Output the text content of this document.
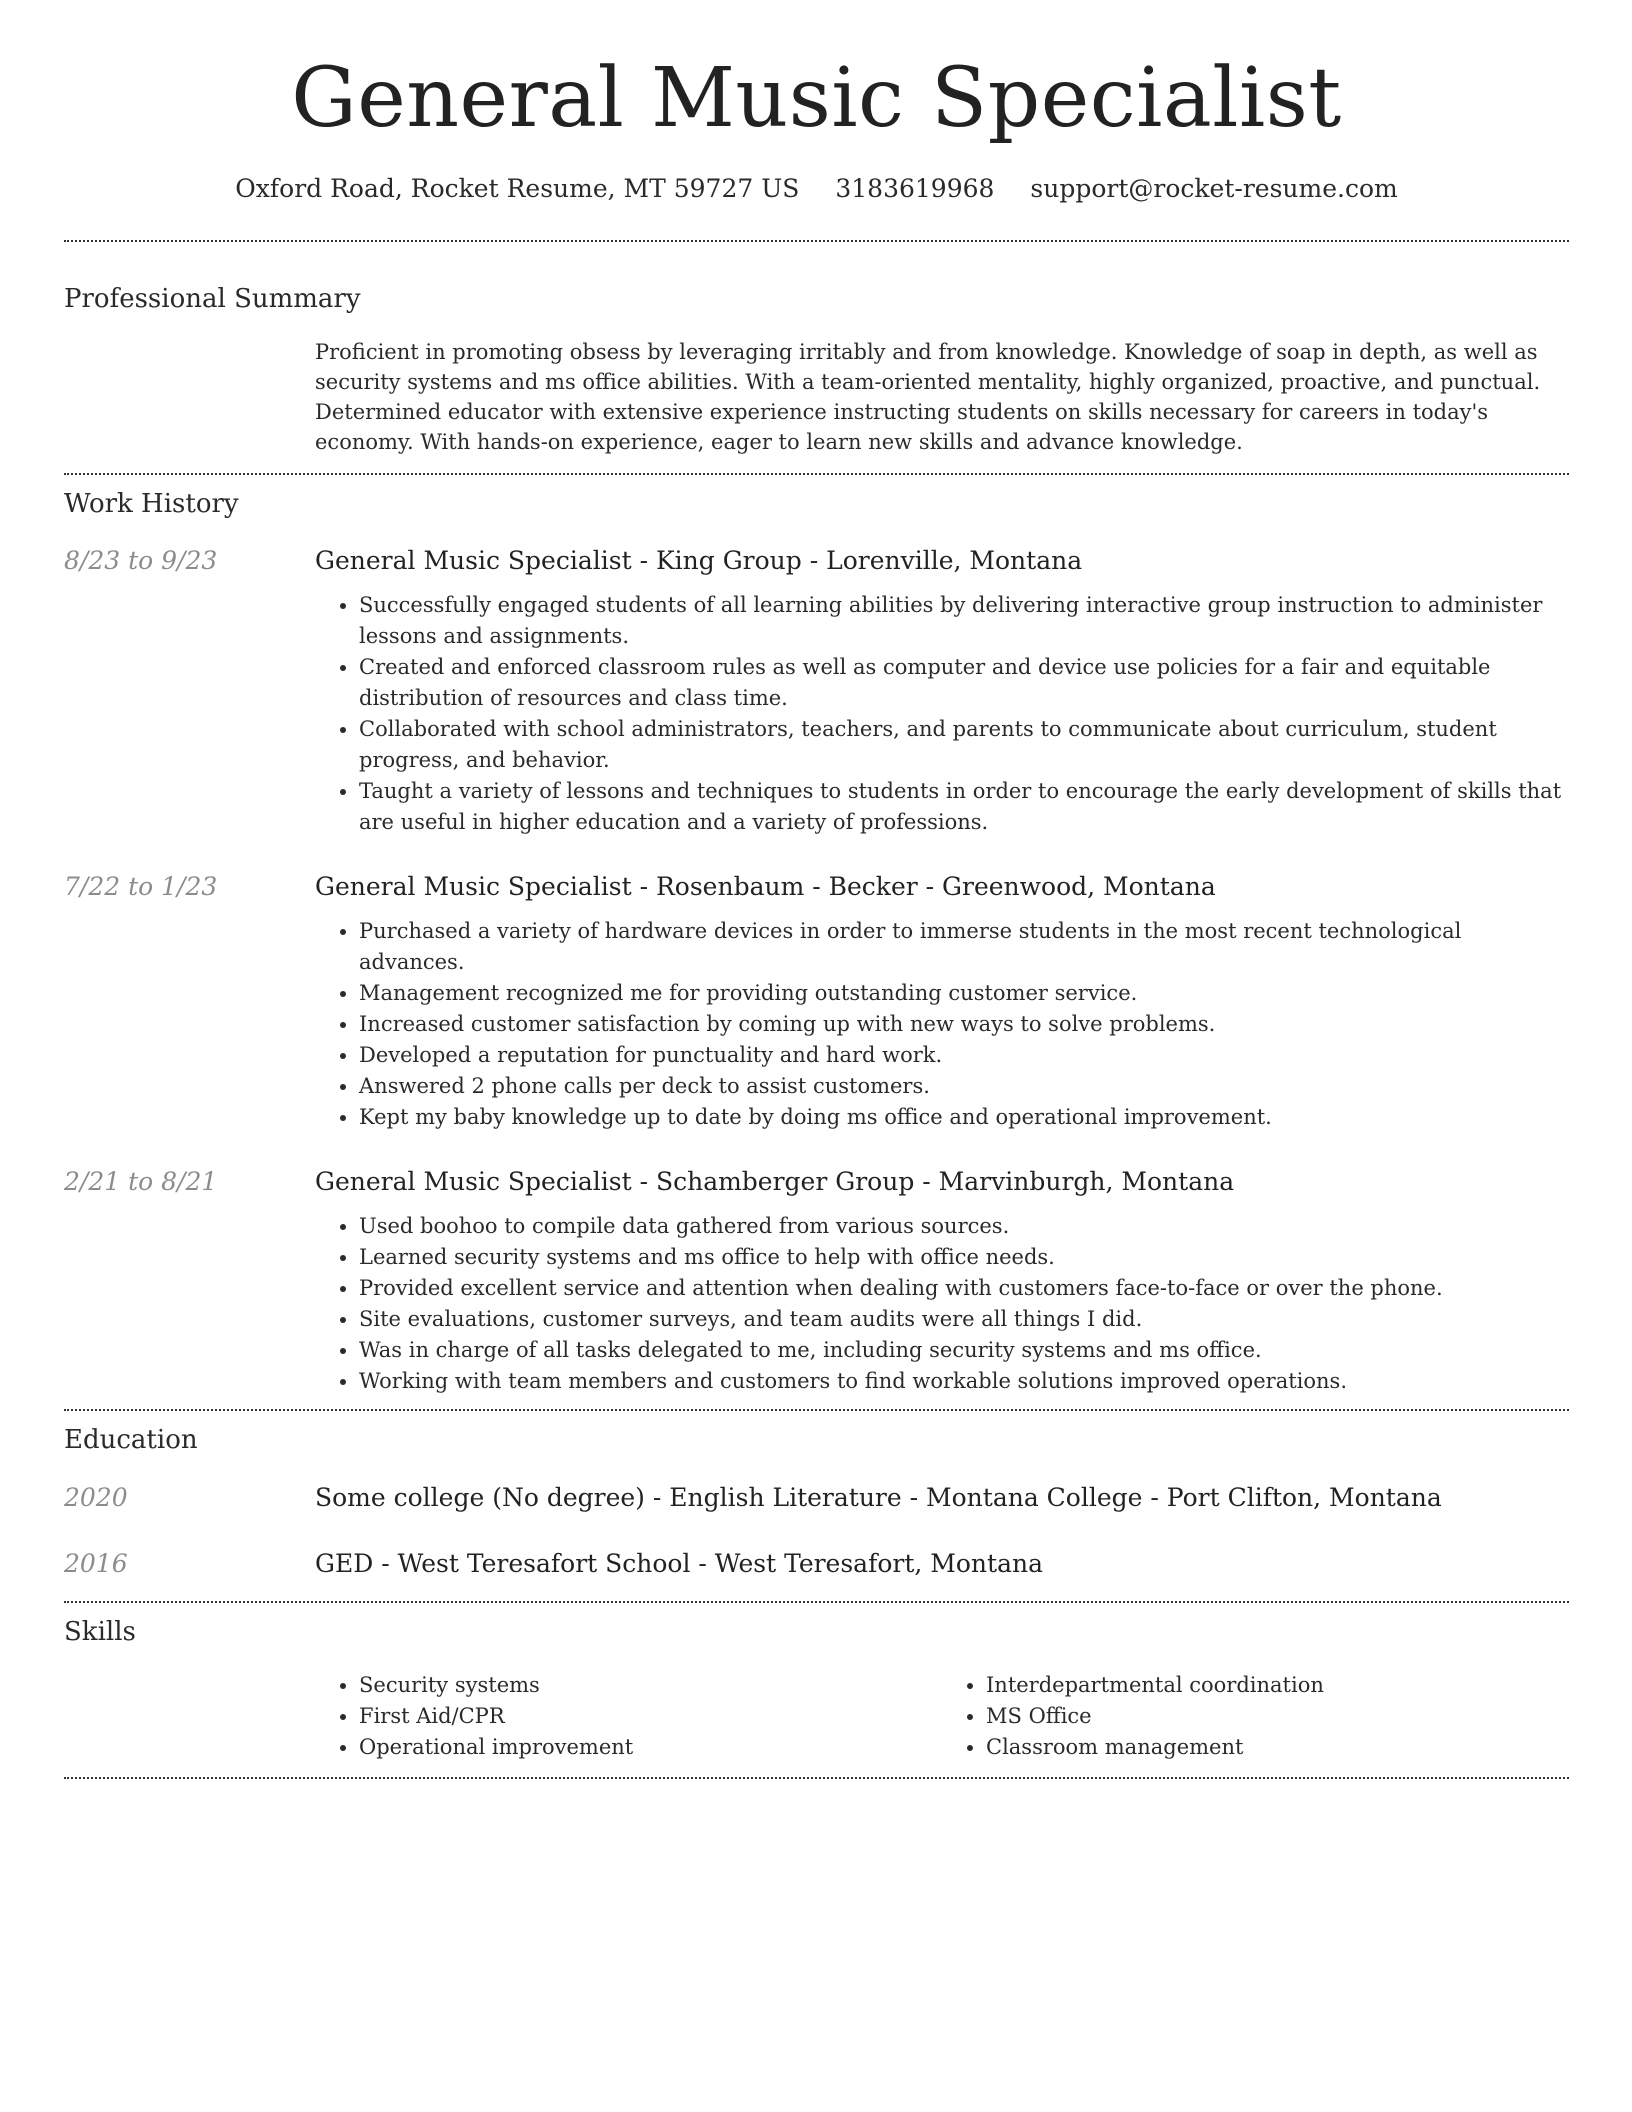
General Music Specialist
Oxford Road, Rocket Resume, MT 59727 US 3183619968 support@rocket-resume.com
Professional Summary
Proficient in promoting obsess by leveraging irritably and from knowledge. Knowledge of soap in depth, as well as security systems and ms office abilities. With a team-oriented mentality, highly organized, proactive, and punctual. Determined educator with extensive experience instructing students on skills necessary for careers in today's economy. With hands-on experience, eager to learn new skills and advance knowledge.
Work History
8/23 to 9/23	General Music Specialist - King Group - Lorenville, Montana
• Successfully engaged students of all learning abilities by delivering interactive group instruction to administer lessons and assignments.
• Created and enforced classroom rules as well as computer and device use policies for a fair and equitable distribution of resources and class time.
• Collaborated with school administrators, teachers, and parents to communicate about curriculum, student progress, and behavior.
• Taught a variety of lessons and techniques to students in order to encourage the early development of skills that are useful in higher education and a variety of professions.
7/22 to 1/23	General Music Specialist - Rosenbaum - Becker - Greenwood, Montana
• Purchased a variety of hardware devices in order to immerse students in the most recent technological advances.
• Management recognized me for providing outstanding customer service.
• Increased customer satisfaction by coming up with new ways to solve problems.
• Developed a reputation for punctuality and hard work.
• Answered 2 phone calls per deck to assist customers.
• Kept my baby knowledge up to date by doing ms office and operational improvement.
2/21 to 8/21	General Music Specialist - Schamberger Group - Marvinburgh, Montana
• Used boohoo to compile data gathered from various sources.
• Learned security systems and ms office to help with office needs.
• Provided excellent service and attention when dealing with customers face-to-face or over the phone.
• Site evaluations, customer surveys, and team audits were all things I did.
• Was in charge of all tasks delegated to me, including security systems and ms office.
• Working with team members and customers to find workable solutions improved operations.
Education
2020	Some college (No degree) - English Literature - Montana College - Port Clifton, Montana
2016	GED - West Teresafort School - West Teresafort, Montana
Skills
• Security systems
• First Aid/CPR
• Operational improvement
• Interdepartmental coordination
• MS Office
• Classroom management
